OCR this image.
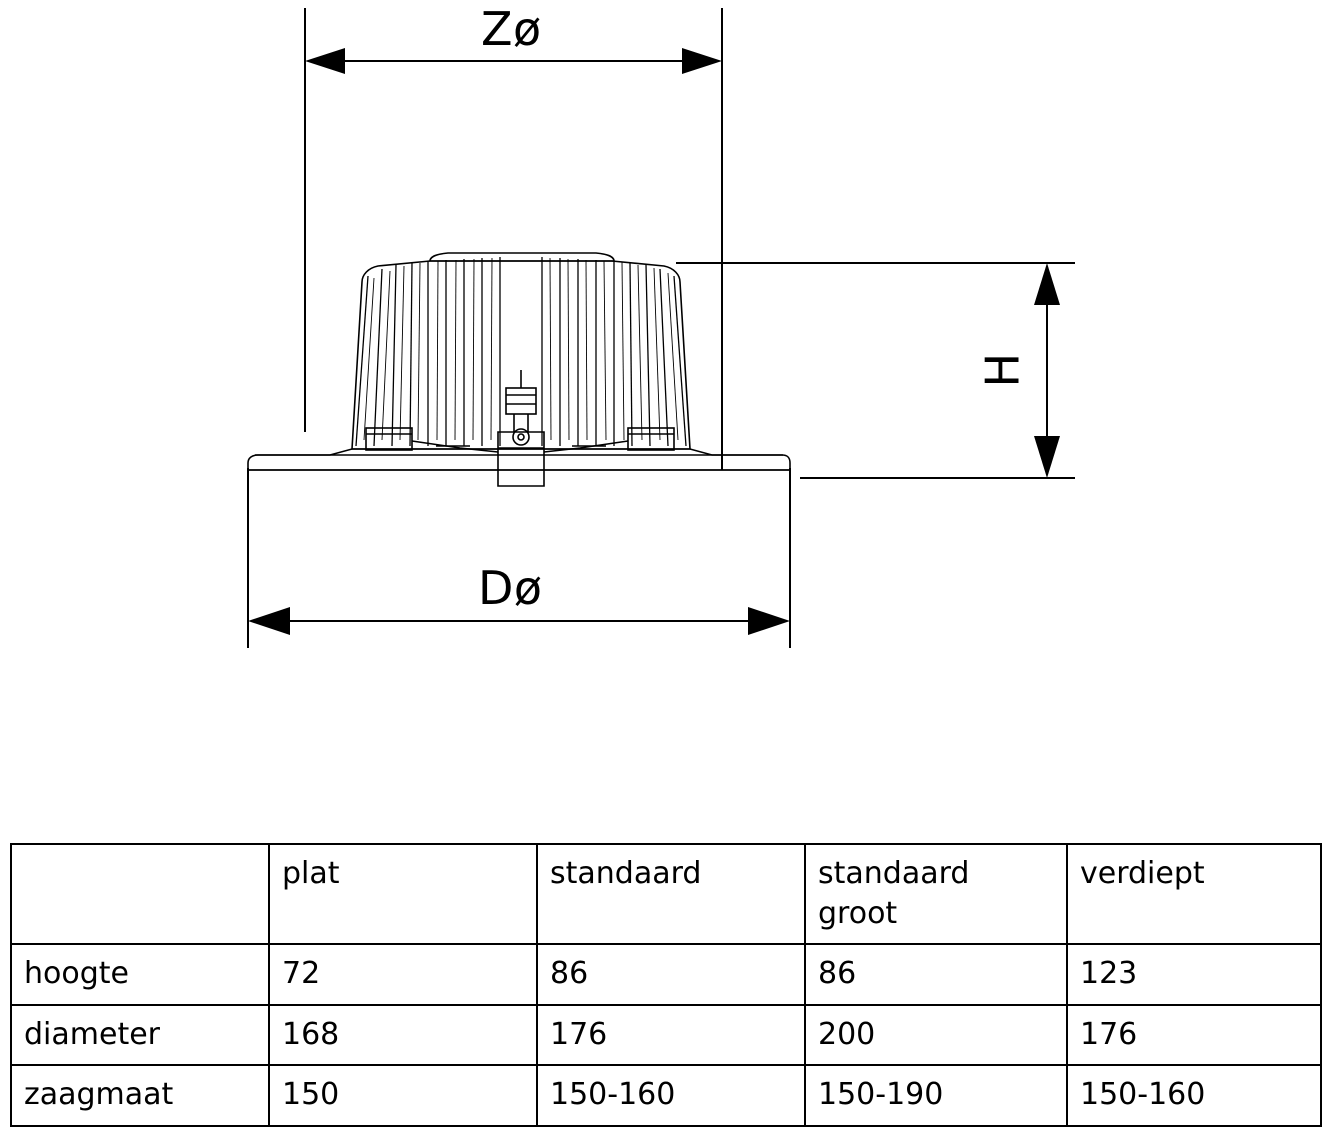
Zø
Dø
H
	plat	standaard	standaard groot	verdiept
hoogte	72	86	86	123
diameter	168	176	200	176
zaagmaat	150	150-160	150-190	150-160
